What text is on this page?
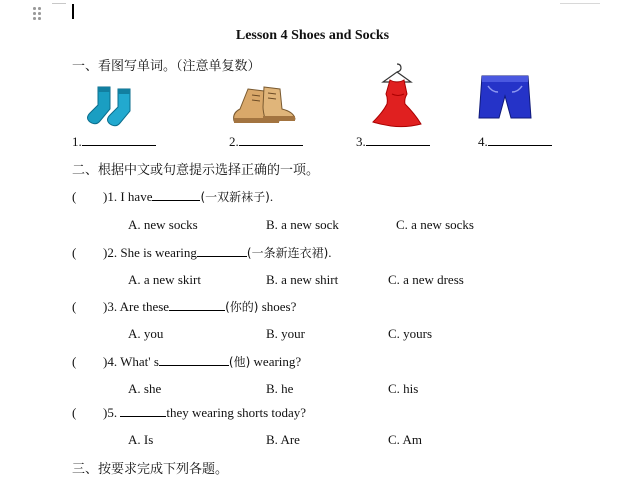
Lesson 4 Shoes and Socks
一、看图写单词。（注意单复数）
1.	2.	3.	4.
二、根据中文或句意提示选择正确的一项。
( )1. I have	(一双新袜子).
A. new socks	B. a new sock	C. a new socks
( )2. She is wearing	(一条新连衣裙).
A. a new skirt	B. a new shirt	C. a new dress
( )3. Are these	(你的) shoes?
A. you	B. your	C. yours
( )4. What' s	(他) wearing?
A. she	B. he	C. his
( )5.	they wearing shorts today?
A. Is	B. Are	C. Am
三、按要求完成下列各题。
